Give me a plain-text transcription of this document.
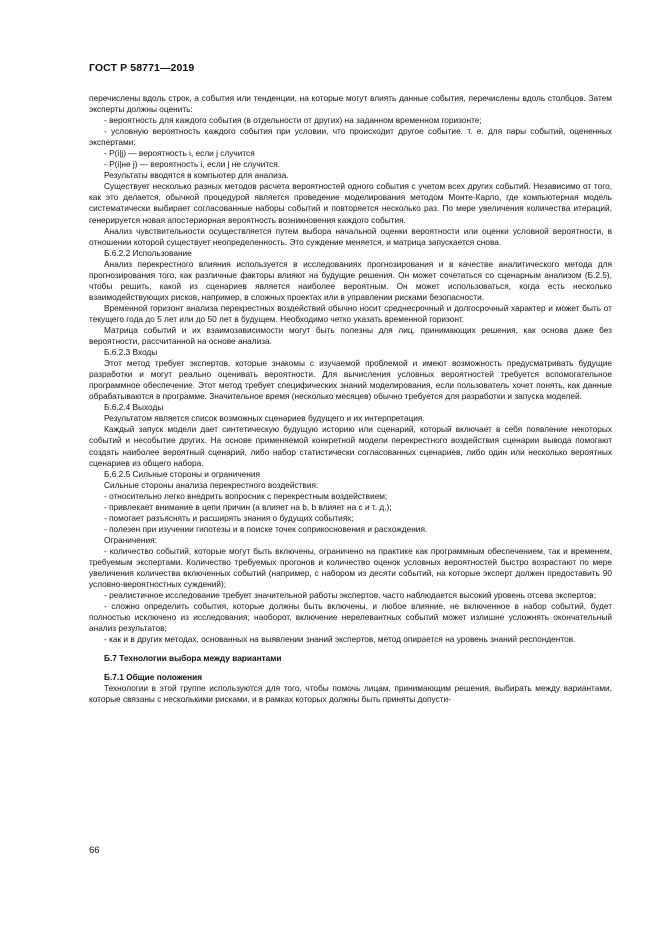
ГОСТ Р 58771—2019

перечислены вдоль строк, а события или тенденции, на которые могут влиять данные события, перечислены вдоль столбцов. Затем эксперты должны оценить:

- вероятность для каждого события (в отдельности от других) на заданном временном горизонте;

- условную вероятность каждого события при условии, что происходит другое событие. т. е. для пары событий, оцененных экспертами:

- P(i|j) — вероятность i, если j случится

- P(i|не j) — вероятность i, если j не случится.

Результаты вводятся в компьютер для анализа.

Существует несколько разных методов расчета вероятностей одного события с учетом всех других событий. Независимо от того, как это делается, обычной процедурой является проведение моделирования методом Монте-Карло, где компьютерная модель систематически выбирает согласованные наборы событий и повторяется несколько раз. По мере увеличения количества итераций, генерируется новая апостериорная вероятность возникновения каждого события.

Анализ чувствительности осуществляется путем выбора начальной оценки вероятности или оценки условной вероятности, в отношении которой существует неопределенность. Это суждение меняется, и матрица запускается снова.

Б.6.2.2 Использование

Анализ перекрестного влияния используется в исследованиях прогнозирования и в качестве аналитического метода для прогнозирования того, как различные факторы влияют на будущие решения. Он может сочетаться со сценарным анализом (Б.2.5), чтобы решить, какой из сценариев является наиболее вероятным. Он может использоваться, когда есть несколько взаимодействующих рисков, например, в сложных проектах или в управлении рисками безопасности.

Временной горизонт анализа перекрестных воздействий обычно носит среднесрочный и долгосрочный характер и может быть от текущего года до 5 лет или до 50 лет в будущем. Необходимо четко указать временной горизонт.

Матрица событий и их взаимозависимости могут быть полезны для лиц, принимающих решения, как основа даже без вероятности, рассчитанной на основе анализа.

Б.6.2.3 Входы

Этот метод требует экспертов, которые знакомы с изучаемой проблемой и имеют возможность предусматривать будущие разработки и могут реально оценивать вероятности. Для вычисления условных вероятностей требуется вспомогательное программное обеспечение. Этот метод требует специфических знаний моделирования, если пользователь хочет понять, как данные обрабатываются в программе. Значительное время (несколько месяцев) обычно требуется для разработки и запуска моделей.

Б.6.2.4 Выходы

Результатом является список возможных сценариев будущего и их интерпретация.

Каждый запуск модели дает синтетическую будущую историю или сценарий, который включает в себя появление некоторых событий и несобытие других. На основе применяемой конкретной модели перекрестного воздействия сценарии вывода помогают создать наиболее вероятный сценарий, либо набор статистически согласованных сценариев, либо один или несколько вероятных сценариев из общего набора.

Б.6.2.5 Сильные стороны и ограничения

Сильные стороны анализа перекрестного воздействия:

- относительно легко внедрить вопросник с перекрестным воздействием;

- привлекает внимание в цепи причин (a влияет на b, b влияет на c и т. д.);

- помогает разъяснять и расширять знания о будущих событиях;

- полезен при изучении гипотезы и в поиске точек соприкосновения и расхождения.

Ограничения:

- количество событий, которые могут быть включены, ограничено на практике как программным обеспечением, так и временем, требуемым экспертами. Количество требуемых прогонов и количество оценок условных вероятностей быстро возрастают по мере увеличения количества включенных событий (например, с набором из десяти событий, на которые эксперт должен предоставить 90 условно-вероятностных суждений);

- реалистичное исследование требует значительной работы экспертов, часто наблюдается высокий уровень отсева экспертов;

- сложно определить события, которые должны быть включены, и любое влияние, не включенное в набор событий, будет полностью исключено из исследования; наоборот, включение нерелевантных событий может излишне усложнять окончательный анализ результатов;

- как и в других методах, основанных на выявлении знаний экспертов, метод опирается на уровень знаний респондентов.

Б.7 Технологии выбора между вариантами

Б.7.1 Общие положения

Технологии в этой группе используются для того, чтобы помочь лицам, принимающим решения, выбирать между вариантами, которые связаны с несколькими рисками, и в рамках которых должны быть приняты допусти-

66
